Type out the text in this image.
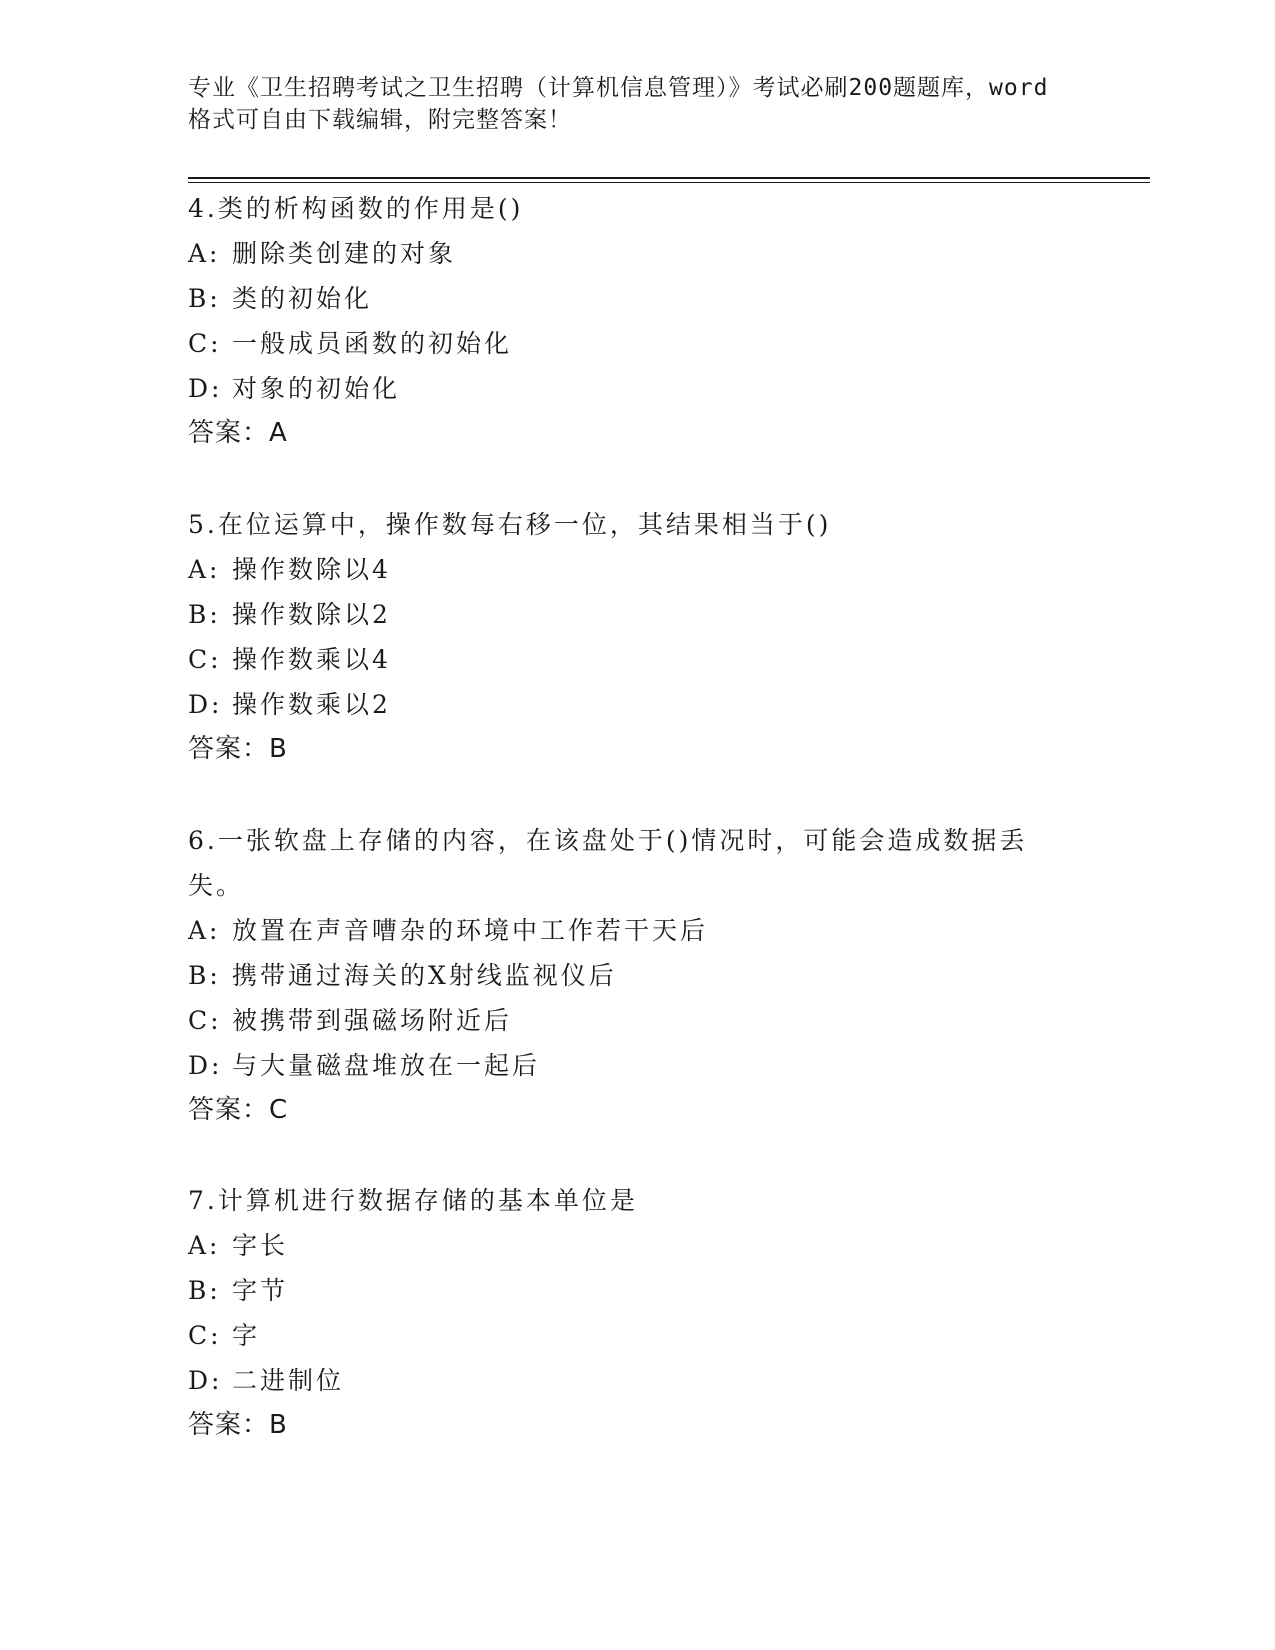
专业《卫生招聘考试之卫生招聘（计算机信息管理）》考试必刷200题题库，word
格式可自由下载编辑，附完整答案！

4.类的析构函数的作用是()

A: 删除类创建的对象

B: 类的初始化

C: 一般成员函数的初始化

D: 对象的初始化

答案：A

5.在位运算中，操作数每右移一位，其结果相当于()

A: 操作数除以4

B: 操作数除以2

C: 操作数乘以4

D: 操作数乘以2

答案：B

6.一张软盘上存储的内容，在该盘处于()情况时，可能会造成数据丢失。

A: 放置在声音嘈杂的环境中工作若干天后

B: 携带通过海关的X射线监视仪后

C: 被携带到强磁场附近后

D: 与大量磁盘堆放在一起后

答案：C

7.计算机进行数据存储的基本单位是

A: 字长

B: 字节

C: 字

D: 二进制位

答案：B
